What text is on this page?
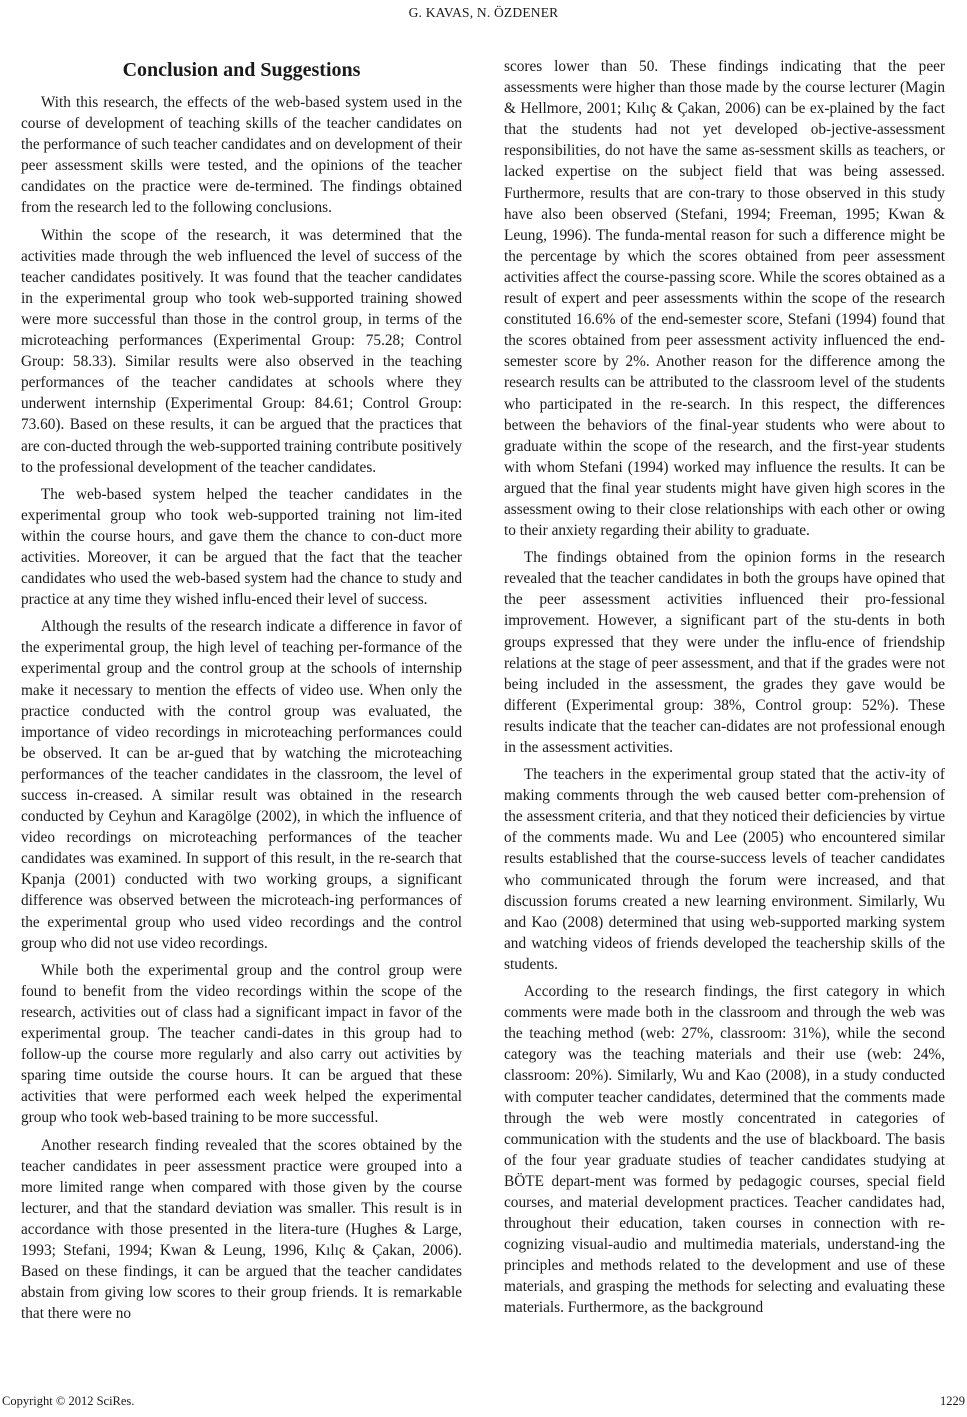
G. KAVAS, N. ÖZDENER
Conclusion and Suggestions

With this research, the effects of the web-based system used in the course of development of teaching skills of the teacher candidates on the performance of such teacher candidates and on development of their peer assessment skills were tested, and the opinions of the teacher candidates on the practice were de-termined. The findings obtained from the research led to the following conclusions.

Within the scope of the research, it was determined that the activities made through the web influenced the level of success of the teacher candidates positively. It was found that the teacher candidates in the experimental group who took web-supported training showed were more successful than those in the control group, in terms of the microteaching performances (Experimental Group: 75.28; Control Group: 58.33). Similar results were also observed in the teaching performances of the teacher candidates at schools where they underwent internship (Experimental Group: 84.61; Control Group: 73.60). Based on these results, it can be argued that the practices that are con-ducted through the web-supported training contribute positively to the professional development of the teacher candidates.

The web-based system helped the teacher candidates in the experimental group who took web-supported training not lim-ited within the course hours, and gave them the chance to con-duct more activities. Moreover, it can be argued that the fact that the teacher candidates who used the web-based system had the chance to study and practice at any time they wished influ-enced their level of success.

Although the results of the research indicate a difference in favor of the experimental group, the high level of teaching per-formance of the experimental group and the control group at the schools of internship make it necessary to mention the effects of video use. When only the practice conducted with the control group was evaluated, the importance of video recordings in microteaching performances could be observed. It can be ar-gued that by watching the microteaching performances of the teacher candidates in the classroom, the level of success in-creased. A similar result was obtained in the research conducted by Ceyhun and Karagölge (2002), in which the influence of video recordings on microteaching performances of the teacher candidates was examined. In support of this result, in the re-search that Kpanja (2001) conducted with two working groups, a significant difference was observed between the microteach-ing performances of the experimental group who used video recordings and the control group who did not use video recordings.

While both the experimental group and the control group were found to benefit from the video recordings within the scope of the research, activities out of class had a significant impact in favor of the experimental group. The teacher candi-dates in this group had to follow-up the course more regularly and also carry out activities by sparing time outside the course hours. It can be argued that these activities that were performed each week helped the experimental group who took web-based training to be more successful.

Another research finding revealed that the scores obtained by the teacher candidates in peer assessment practice were grouped into a more limited range when compared with those given by the course lecturer, and that the standard deviation was smaller. This result is in accordance with those presented in the litera-ture (Hughes & Large, 1993; Stefani, 1994; Kwan & Leung, 1996, Kılıç & Çakan, 2006). Based on these findings, it can be argued that the teacher candidates abstain from giving low scores to their group friends. It is remarkable that there were no

scores lower than 50. These findings indicating that the peer assessments were higher than those made by the course lecturer (Magin & Hellmore, 2001; Kılıç & Çakan, 2006) can be ex-plained by the fact that the students had not yet developed ob-jective-assessment responsibilities, do not have the same as-sessment skills as teachers, or lacked expertise on the subject field that was being assessed. Furthermore, results that are con-trary to those observed in this study have also been observed (Stefani, 1994; Freeman, 1995; Kwan & Leung, 1996). The funda-mental reason for such a difference might be the percentage by which the scores obtained from peer assessment activities affect the course-passing score. While the scores obtained as a result of expert and peer assessments within the scope of the research constituted 16.6% of the end-semester score, Stefani (1994) found that the scores obtained from peer assessment activity influenced the end-semester score by 2%. Another reason for the difference among the research results can be attributed to the classroom level of the students who participated in the re-search. In this respect, the differences between the behaviors of the final-year students who were about to graduate within the scope of the research, and the first-year students with whom Stefani (1994) worked may influence the results. It can be argued that the final year students might have given high scores in the assessment owing to their close relationships with each other or owing to their anxiety regarding their ability to graduate.

The findings obtained from the opinion forms in the research revealed that the teacher candidates in both the groups have opined that the peer assessment activities influenced their pro-fessional improvement. However, a significant part of the stu-dents in both groups expressed that they were under the influ-ence of friendship relations at the stage of peer assessment, and that if the grades were not being included in the assessment, the grades they gave would be different (Experimental group: 38%, Control group: 52%). These results indicate that the teacher can-didates are not professional enough in the assessment activities.

The teachers in the experimental group stated that the activ-ity of making comments through the web caused better com-prehension of the assessment criteria, and that they noticed their deficiencies by virtue of the comments made. Wu and Lee (2005) who encountered similar results established that the course-success levels of teacher candidates who communicated through the forum were increased, and that discussion forums created a new learning environment. Similarly, Wu and Kao (2008) determined that using web-supported marking system and watching videos of friends developed the teachership skills of the students.

According to the research findings, the first category in which comments were made both in the classroom and through the web was the teaching method (web: 27%, classroom: 31%), while the second category was the teaching materials and their use (web: 24%, classroom: 20%). Similarly, Wu and Kao (2008), in a study conducted with computer teacher candidates, determined that the comments made through the web were mostly concentrated in categories of communication with the students and the use of blackboard. The basis of the four year graduate studies of teacher candidates studying at BÖTE depart-ment was formed by pedagogic courses, special field courses, and material development practices. Teacher candidates had, throughout their education, taken courses in connection with re-cognizing visual-audio and multimedia materials, understand-ing the principles and methods related to the development and use of these materials, and grasping the methods for selecting and evaluating these materials. Furthermore, as the background

Copyright © 2012 SciRes.	1229
